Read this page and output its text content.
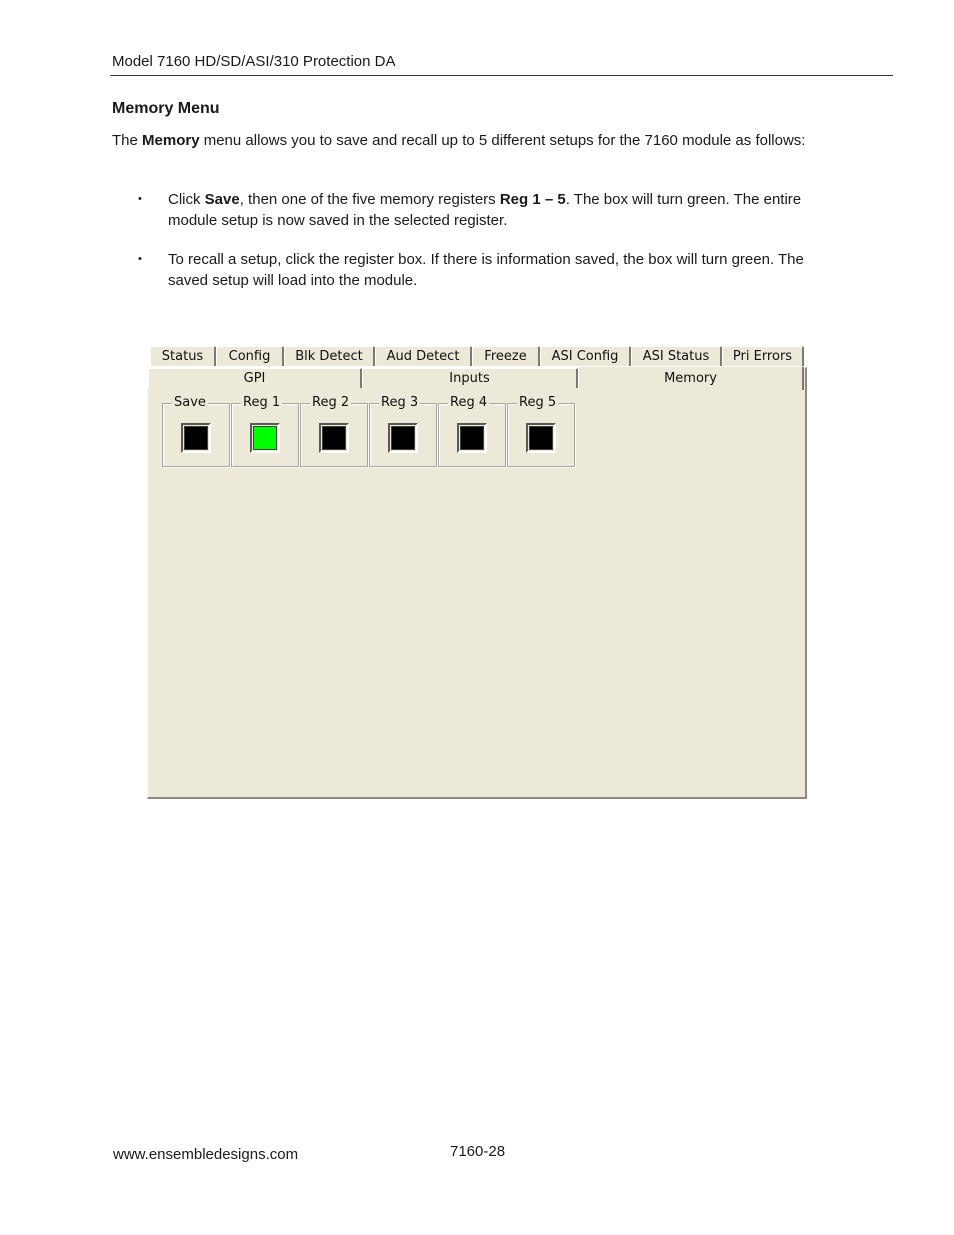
Model 7160 HD/SD/ASI/310 Protection DA
Memory Menu
The Memory menu allows you to save and recall up to 5 different setups for the 7160 module as follows:
• Click Save, then one of the five memory registers Reg 1 – 5. The box will turn green. The entire module setup is now saved in the selected register.
• To recall a setup, click the register box. If there is information saved, the box will turn green. The saved setup will load into the module.
Status	Config	Blk Detect	Aud Detect	Freeze	ASI Config	ASI Status	Pri Errors
GPI	Inputs	Memory
Save	Reg 1 Reg 2 Reg 3 Reg 4 Reg 5
www.ensembledesigns.com	7160-28
